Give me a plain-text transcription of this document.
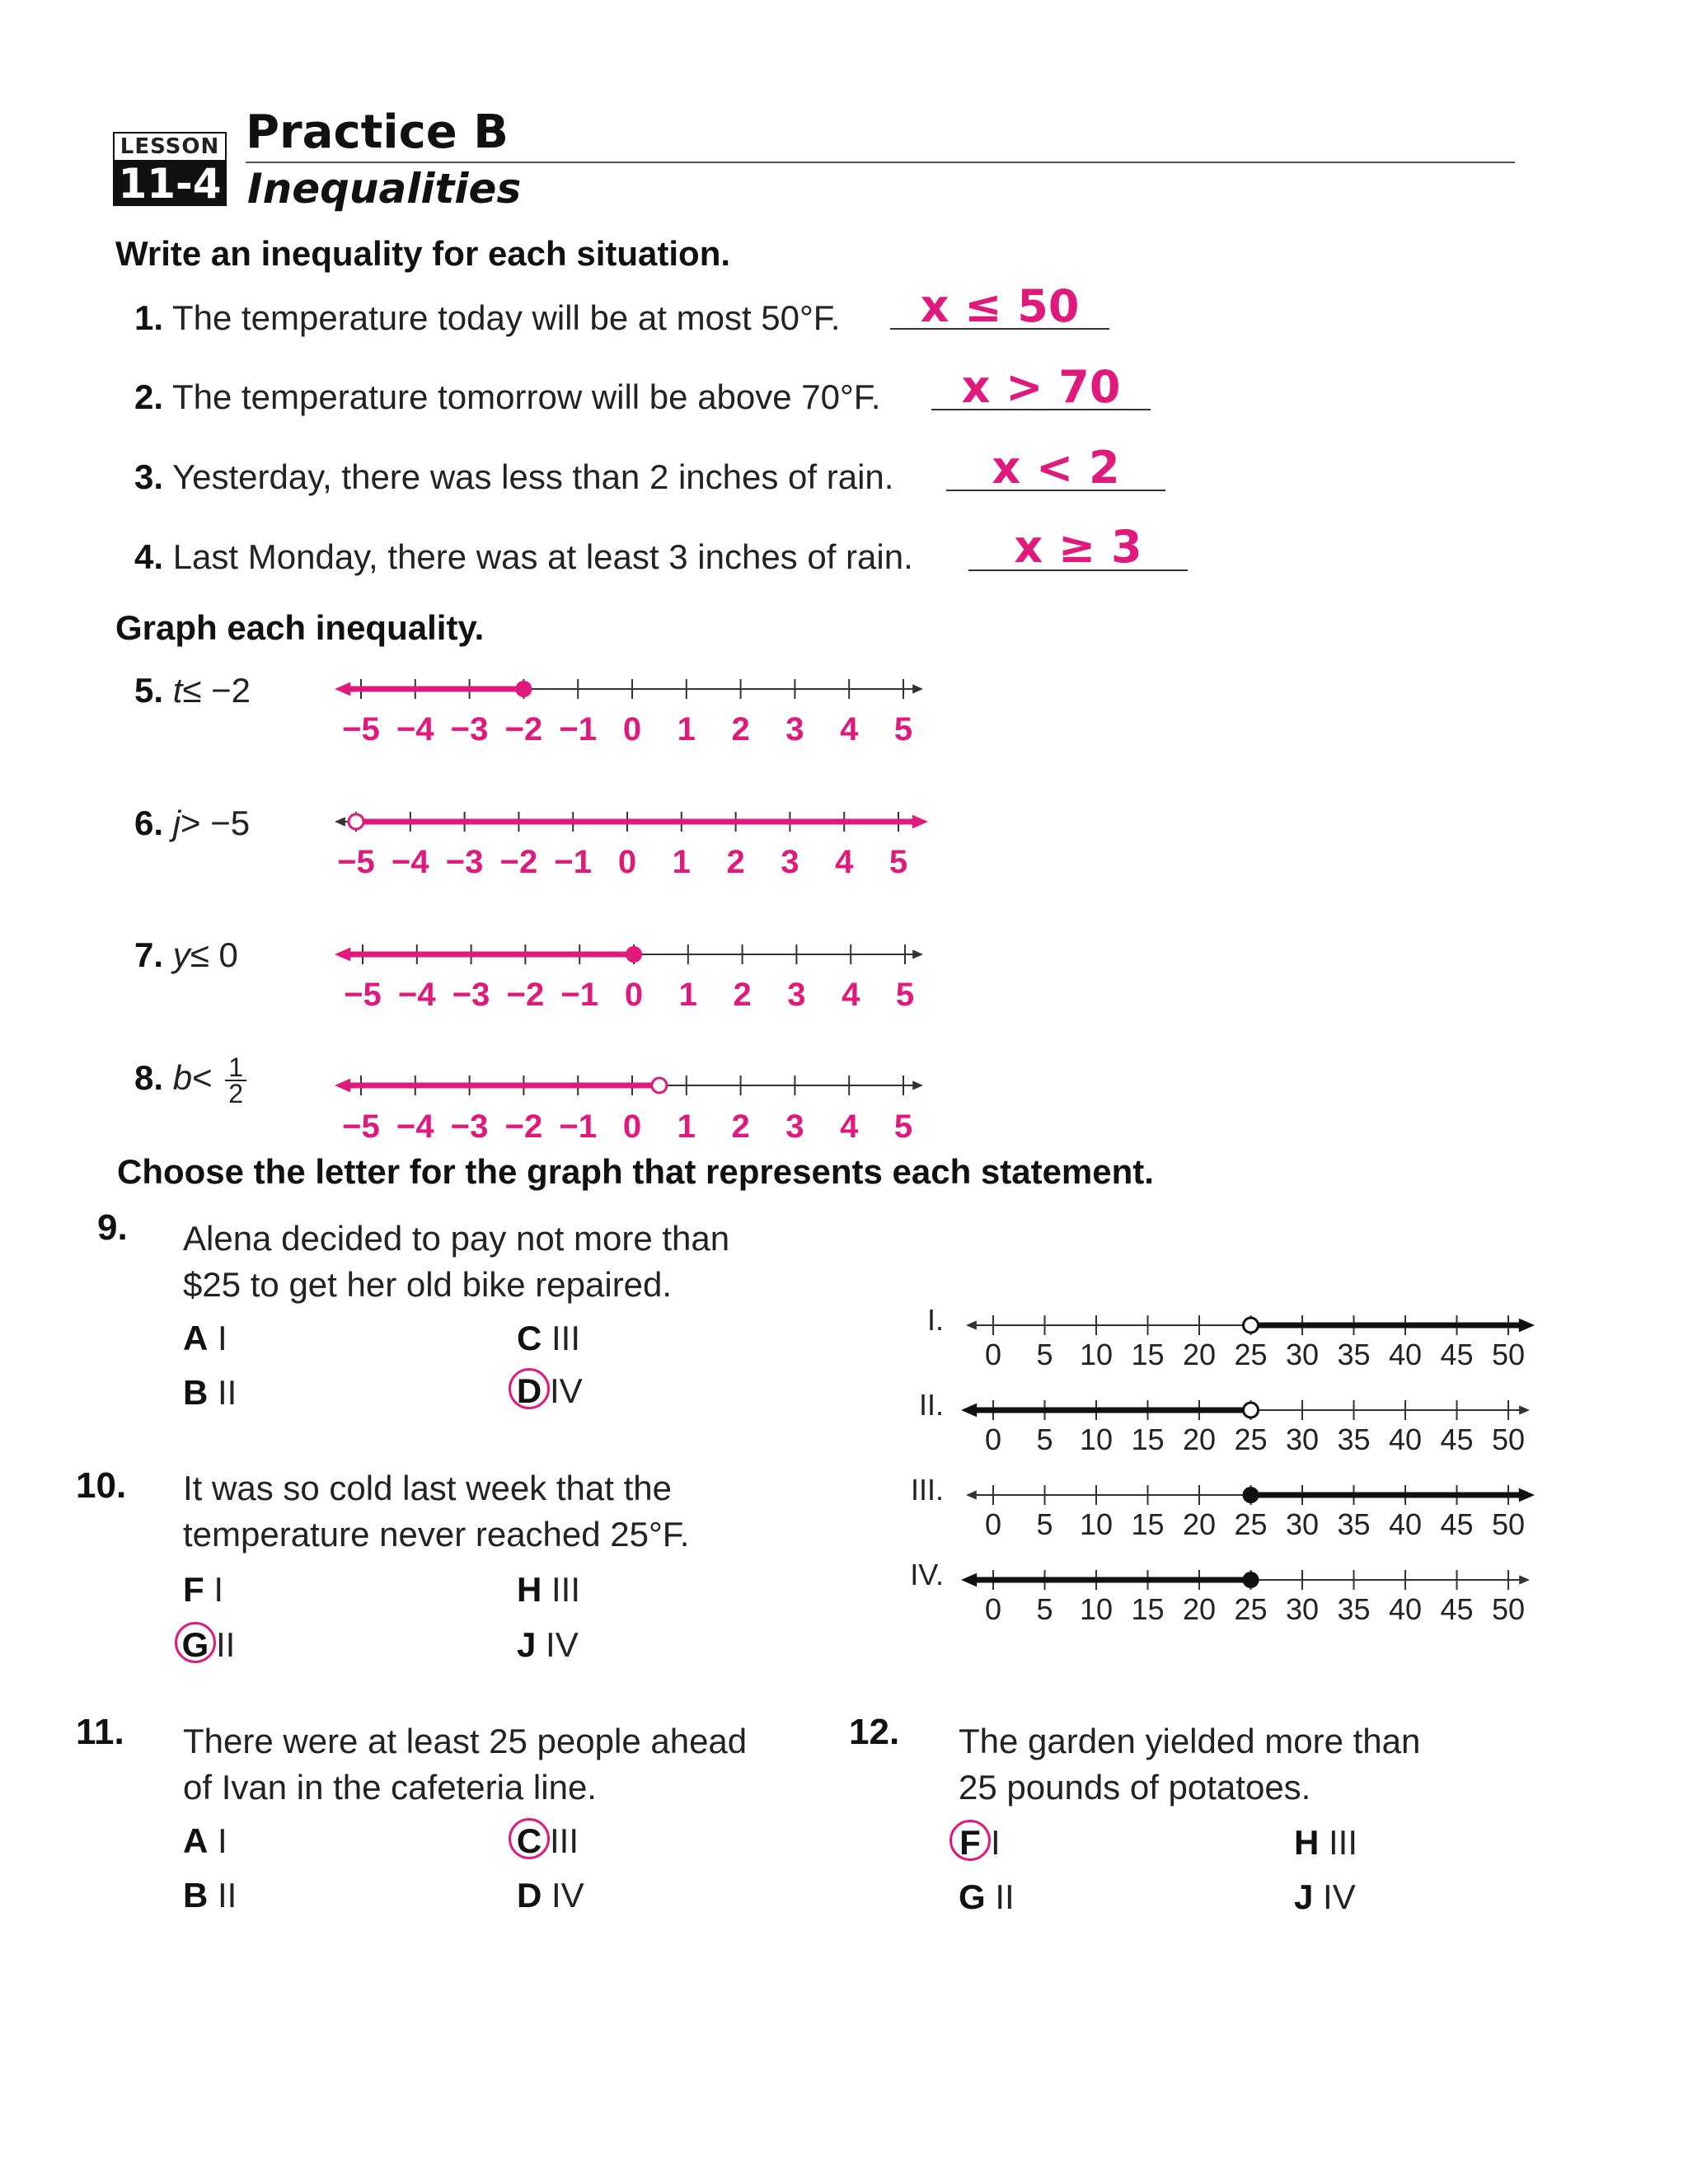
LESSON
11-4
Practice B
Inequalities
Write an inequality for each situation.
1. The temperature today will be at most 50°F.	x ≤ 50
2. The temperature tomorrow will be above 70°F.	x > 70
3. Yesterday, there was less than 2 inches of rain.	x < 2
4. Last Monday, there was at least 3 inches of rain.	x ≥ 3
Graph each inequality.
5. t≤ −2
6. j> −5
7. y≤ 0
8. $b< \frac{1}{2}$
−5 −4 −3 −2 −1 0 1 2 3 4 5
−5 −4 −3 −2 −1 0 1 2 3 4 5
−5 −4 −3 −2 −1 0 1 2 3 4 5
−5 −4 −3 −2 −1 0 1 2 3 4 5
I.
0 5 10 15 20 25 30 35 40 45 50
II.
0 5 10 15 20 25 30 35 40 45 50
III.
0 5 10 15 20 25 30 35 40 45 50
IV.
0 5 10 15 20 25 30 35 40 45 50
Choose the letter for the graph that represents each statement.
9. Alena decided to pay not more than
$25 to get her old bike repaired.
A I	C III
B II	D IV
10. It was so cold last week that the
temperature never reached 25°F.
F I	H III
G II	J IV
11. There were at least 25 people ahead
of Ivan in the cafeteria line.
A I	C III
B II	D IV
12. The garden yielded more than
25 pounds of potatoes.
F I	H III
G II	J IV
